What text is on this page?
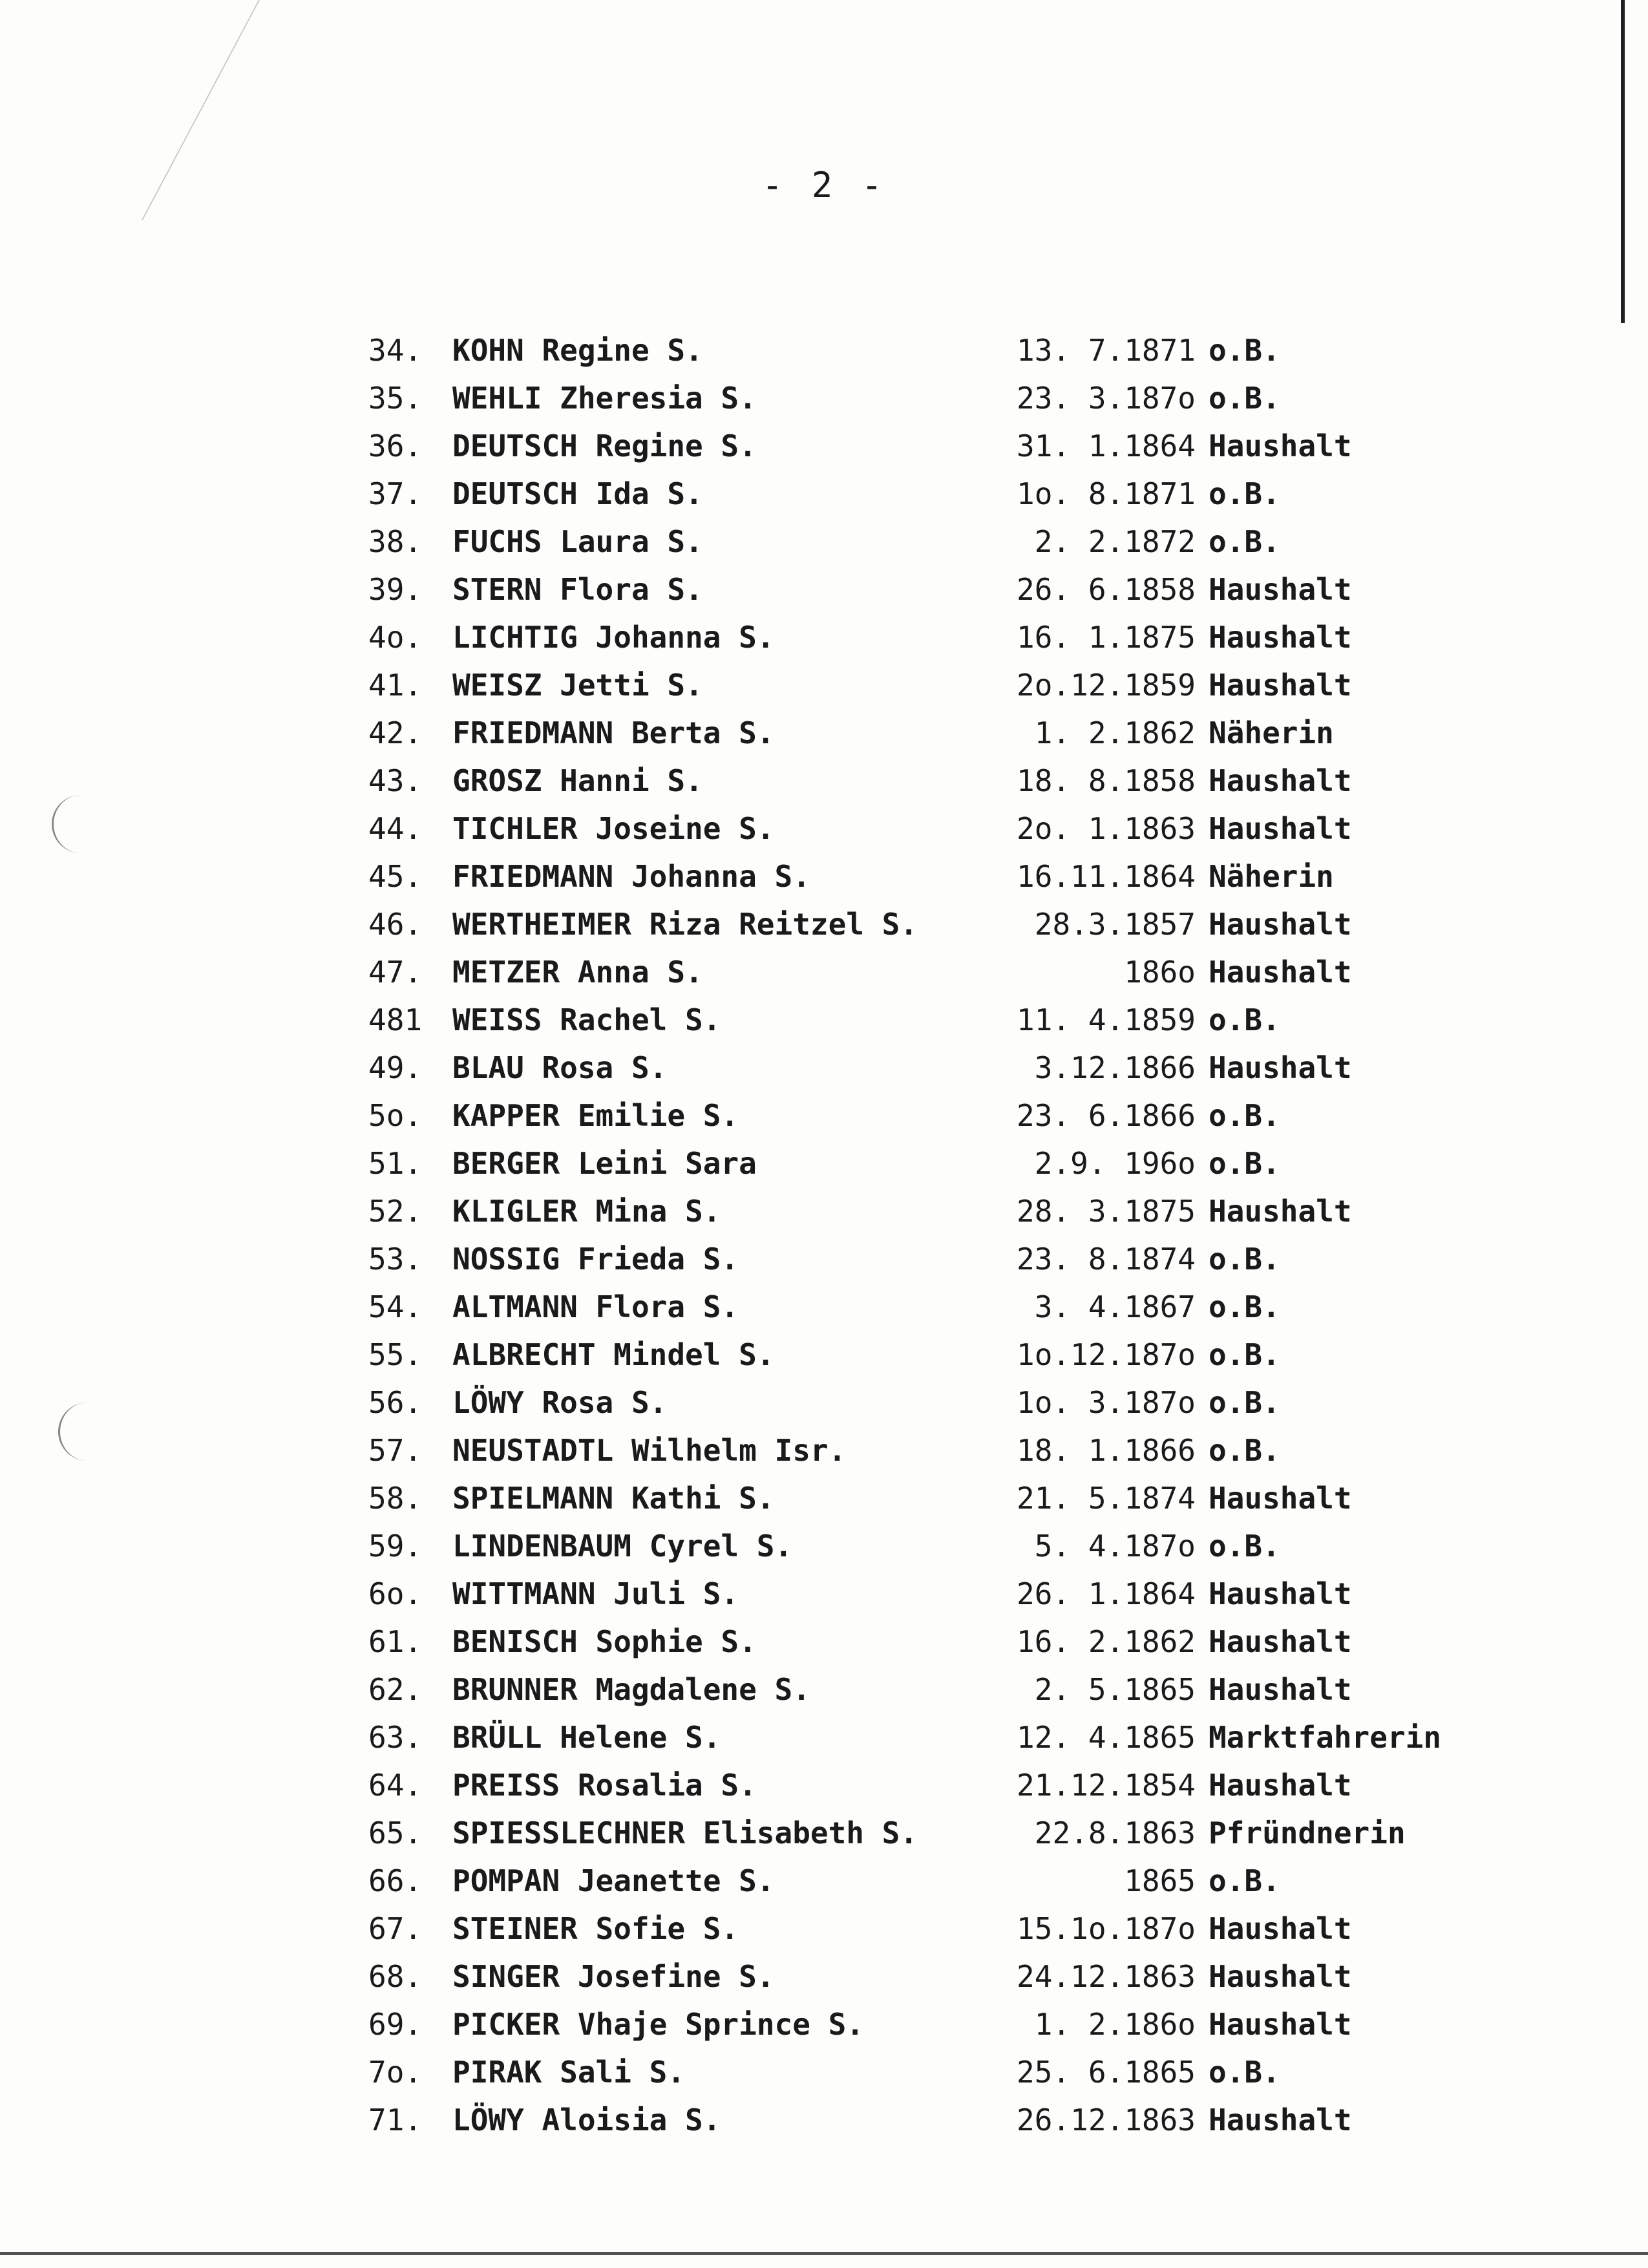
- 2 -
34.	KOHN Regine S.	13. 7.1871 o.B.
35.	WEHLI Zheresia S.	23. 3.187o o.B.
36.	DEUTSCH Regine S.	31. 1.1864 Haushalt
37.	DEUTSCH Ida S.	1o. 8.1871 o.B.
38.	FUCHS Laura S.	2. 2.1872 o.B.
39.	STERN Flora S.	26. 6.1858 Haushalt
4o.	LICHTIG Johanna S.	16. 1.1875 Haushalt
41.	WEISZ Jetti S.	2o.12.1859 Haushalt
42.	FRIEDMANN Berta S.	1. 2.1862 Näherin
43.	GROSZ Hanni S.	18. 8.1858 Haushalt
44.	TICHLER Joseine S.	2o. 1.1863 Haushalt
45.	FRIEDMANN Johanna S.	16.11.1864 Näherin
46.	WERTHEIMER Riza Reitzel S.	28.3.1857 Haushalt
47.	METZER Anna S.	186o Haushalt
481	WEISS Rachel S.	11. 4.1859 o.B.
49.	BLAU Rosa S.	3.12.1866 Haushalt
5o.	KAPPER Emilie S.	23. 6.1866 o.B.
51.	BERGER Leini Sara	2.9. 196o o.B.
52.	KLIGLER Mina S.	28. 3.1875 Haushalt
53.	NOSSIG Frieda S.	23. 8.1874 o.B.
54.	ALTMANN Flora S.	3. 4.1867 o.B.
55.	ALBRECHT Mindel S.	1o.12.187o o.B.
56.	LÖWY Rosa S.	1o. 3.187o o.B.
57.	NEUSTADTL Wilhelm Isr.	18. 1.1866 o.B.
58.	SPIELMANN Kathi S.	21. 5.1874 Haushalt
59.	LINDENBAUM Cyrel S.	5. 4.187o o.B.
6o.	WITTMANN Juli S.	26. 1.1864 Haushalt
61.	BENISCH Sophie S.	16. 2.1862 Haushalt
62.	BRUNNER Magdalene S.	2. 5.1865 Haushalt
63.	BRÜLL Helene S.	12. 4.1865 Marktfahrerin
64.	PREISS Rosalia S.	21.12.1854 Haushalt
65.	SPIESSLECHNER Elisabeth S.	22.8.1863 Pfründnerin
66.	POMPAN Jeanette S.	1865 o.B.
67.	STEINER Sofie S.	15.1o.187o Haushalt
68.	SINGER Josefine S.	24.12.1863 Haushalt
69.	PICKER Vhaje Sprince S.	1. 2.186o Haushalt
7o.	PIRAK Sali S.	25. 6.1865 o.B.
71.	LÖWY Aloisia S.	26.12.1863 Haushalt
